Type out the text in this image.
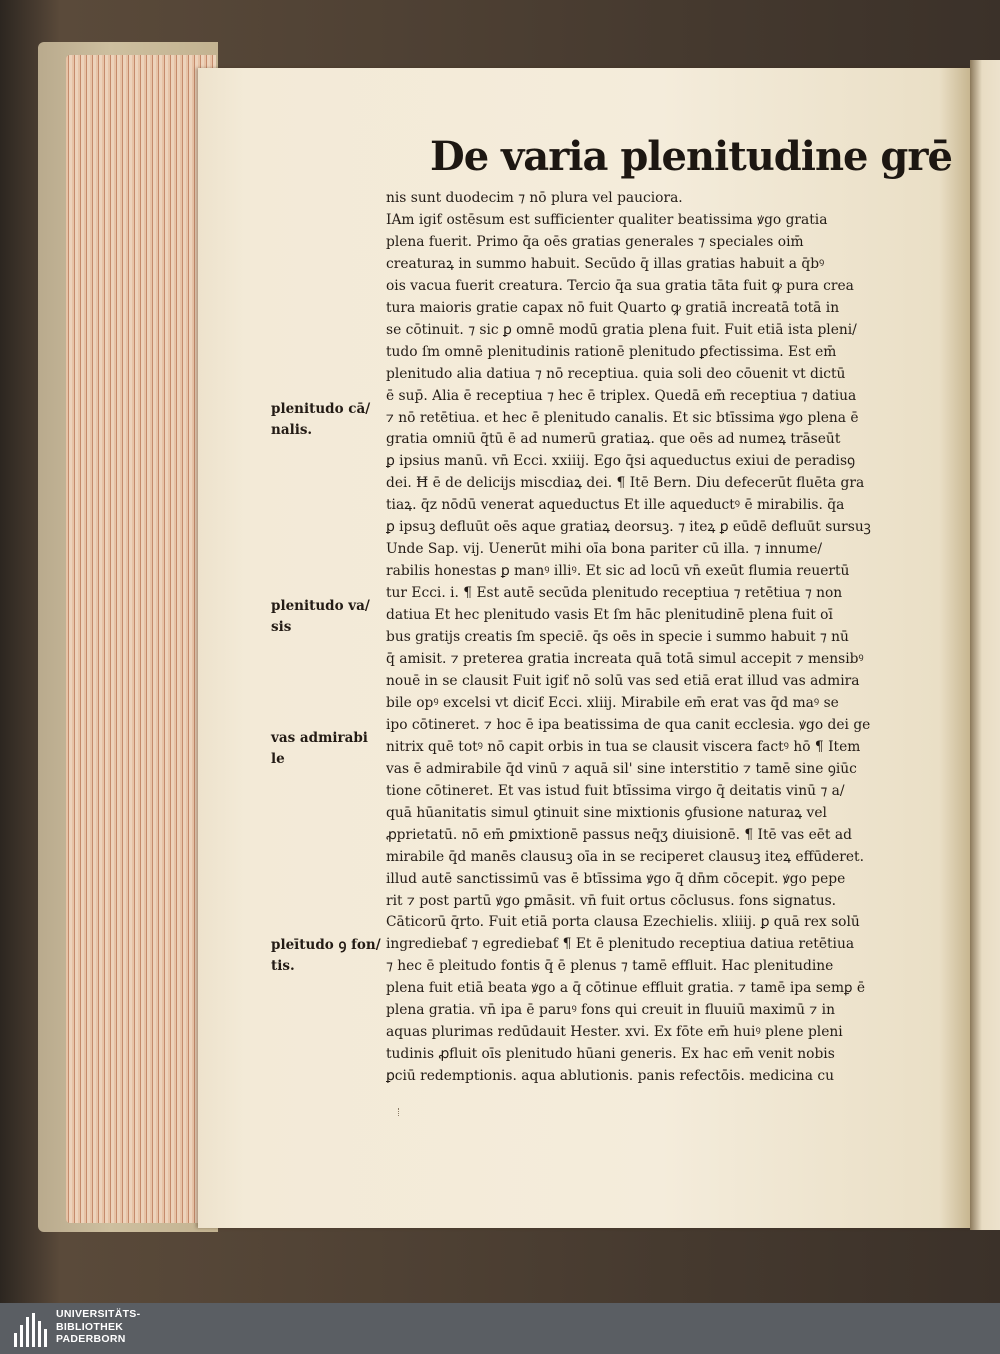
De varia plenitudine grē
nis sunt duodecim ⁊ nō plura vel pauciora.
IAm igiƭ ostēsum est sufficienter qualiter beatissima ꝟgo gratia
plena fuerit. Primo q̄a oēs gratias generales ⁊ speciales oim̄
creaturaꝝ in summo habuit. Secūdo q̄ illas gratias habuit a q̄bꝰ
ois vacua fuerit creatura. Tercio q̄a sua gratia tāta fuit ꝙ pura crea
tura maioris gratie capax nō fuit Quarto ꝙ gratiā increatā totā in
se cōtinuit. ⁊ sic ꝑ omnē modū gratia plena fuit. Fuit etiā ista pleni/
tudo ſm omnē plenitudinis rationē plenitudo ꝑfectissima. Est em̄
plenitudo alia datiua ⁊ nō receptiua. quia soli deo cōuenit vt dictū
ē sup̄. Alia ē receptiua ⁊ hec ē triplex. Quedā em̄ receptiua ⁊ datiua
⁊ nō retētiua. et hec ē plenitudo canalis. Et sic btīssima ꝟgo plena ē
gratia omniū q̄tū ē ad numerū gratiaꝝ. que oēs ad numeꝝ trāseūt
ꝑ ipsius manū. vn̄ Ecci. xxiiij. Ego q̄si aqueductus exiui de peradisꝯ
dei. Ħ ē de delicijs miscdiaꝝ dei. ¶ Itē Bern. Diu defecerūt fluēta gra
tiaꝝ. q̄z nōdū venerat aqueductus Et ille aqueductꝰ ē mirabilis. q̄a
ꝑ ipsuꝫ defluūt oēs aque gratiaꝝ deorsuꝫ. ⁊ iteꝝ ꝑ eūdē defluūt sursuꝫ
Unde Sap. vij. Uenerūt mihi oīa bona pariter cū illa. ⁊ innume/
rabilis honestas ꝑ manꝰ illiꝰ. Et sic ad locū vn̄ exeūt flumia reuertū
tur Ecci. i. ¶ Est autē secūda plenitudo receptiua ⁊ retētiua ⁊ non
datiua Et hec plenitudo vasis Et ſm hāc plenitudinē plena fuit oī
bus gratijs creatis ſm speciē. q̄s oēs in specie i summo habuit ⁊ nū
q̄ amisit. ⁊ preterea gratia increata quā totā simul accepit ⁊ mensibꝰ
nouē in se clausit Fuit igiƭ nō solū vas sed etiā erat illud vas admira
bile opꝰ excelsi vt diciƭ Ecci. xliij. Mirabile em̄ erat vas q̄d maꝰ se
ipo cōtineret. ⁊ hoc ē ipa beatissima de qua canit ecclesia. ꝟgo dei ge
nitrix quē totꝰ nō capit orbis in tua se clausit viscera factꝰ hō ¶ Item
vas ē admirabile q̄d vinū ⁊ aquā sil' sine interstitio ⁊ tamē sine ꝯiūc
tione cōtineret. Et vas istud fuit btīssima virgo q̄ deitatis vinū ⁊ a/
quā hūanitatis simul ꝯtinuit sine mixtionis ꝯfusione naturaꝝ vel
ꝓprietatū. nō em̄ ꝑmixtionē passus neq̄ʒ diuisionē. ¶ Itē vas eēt ad
mirabile q̄d manēs clausuꝫ oīa in se reciperet clausuꝫ iteꝝ effūderet.
illud autē sanctissimū vas ē btīssima ꝟgo q̄ dn̄m cōcepit. ꝟgo pepe
rit ⁊ post partū ꝟgo ꝑmāsit. vn̄ fuit ortus cōclusus. fons signatus.
Cāticorū q̄rto. Fuit etiā porta clausa Ezechielis. xliiij. ꝑ quā rex solū
ingrediebaƭ ⁊ egrediebaƭ ¶ Et ē plenitudo receptiua datiua retētiua
⁊ hec ē pleitudo fontis q̄ ē plenus ⁊ tamē effluit. Hac plenitudine
plena fuit etiā beata ꝟgo a q̄ cōtinue effluit gratia. ⁊ tamē ipa semꝑ ē
plena gratia. vn̄ ipa ē paruꝰ fons qui creuit in fluuiū maximū ⁊ in
aquas plurimas redūdauit Hester. xvi. Ex fōte em̄ huiꝰ plene pleni
tudinis ꝓfluit oīs plenitudo hūani generis. Ex hac em̄ venit nobis
ꝑciū redemptionis. aqua ablutionis. panis refectōis. medicina cu
plenitudo cā/
nalis.
plenitudo va/
sis
vas admirabi
le
pleītudo ꝯ fon/
tis.
UNIVERSITÄTS-
BIBLIOTHEK
PADERBORN
